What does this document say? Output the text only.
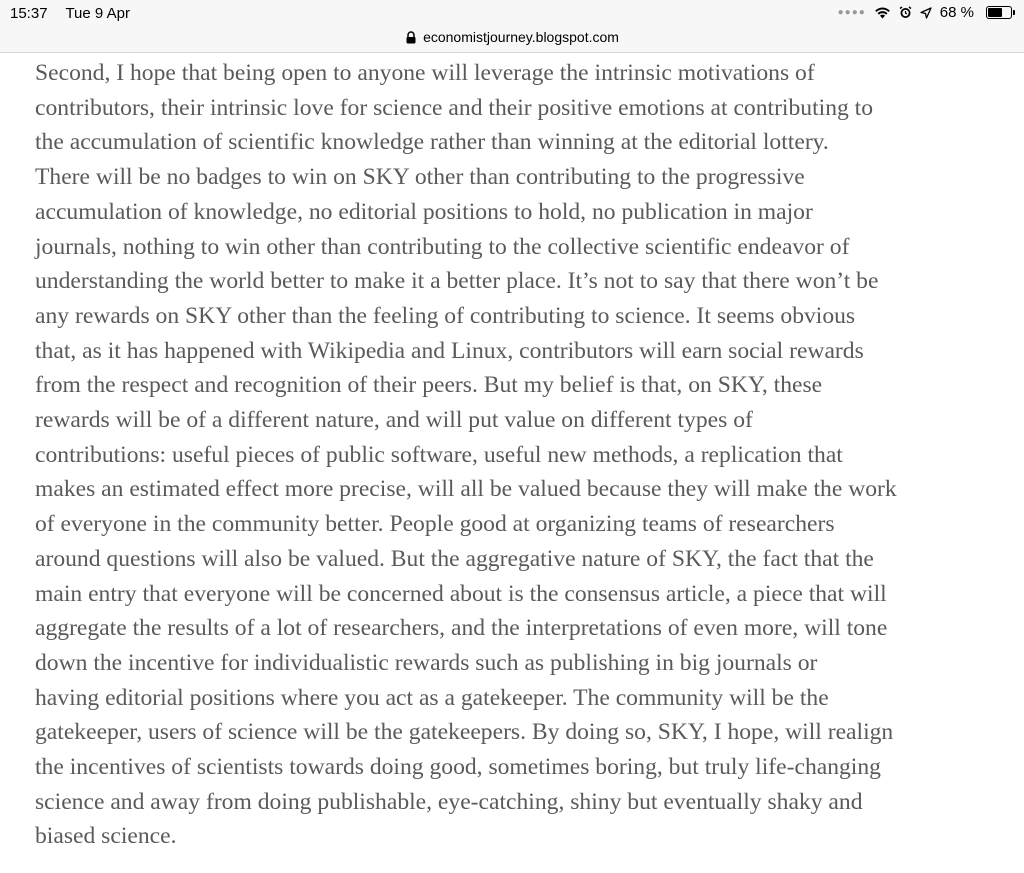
15:37 Tue 9 Apr	●●●●	68 %
economistjourney.blogspot.com
Second, I hope that being open to anyone will leverage the intrinsic motivations of
contributors, their intrinsic love for science and their positive emotions at contributing to
the accumulation of scientific knowledge rather than winning at the editorial lottery.
There will be no badges to win on SKY other than contributing to the progressive
accumulation of knowledge, no editorial positions to hold, no publication in major
journals, nothing to win other than contributing to the collective scientific endeavor of
understanding the world better to make it a better place. It’s not to say that there won’t be
any rewards on SKY other than the feeling of contributing to science. It seems obvious
that, as it has happened with Wikipedia and Linux, contributors will earn social rewards
from the respect and recognition of their peers. But my belief is that, on SKY, these
rewards will be of a different nature, and will put value on different types of
contributions: useful pieces of public software, useful new methods, a replication that
makes an estimated effect more precise, will all be valued because they will make the work
of everyone in the community better. People good at organizing teams of researchers
around questions will also be valued. But the aggregative nature of SKY, the fact that the
main entry that everyone will be concerned about is the consensus article, a piece that will
aggregate the results of a lot of researchers, and the interpretations of even more, will tone
down the incentive for individualistic rewards such as publishing in big journals or
having editorial positions where you act as a gatekeeper. The community will be the
gatekeeper, users of science will be the gatekeepers. By doing so, SKY, I hope, will realign
the incentives of scientists towards doing good, sometimes boring, but truly life-changing
science and away from doing publishable, eye-catching, shiny but eventually shaky and
biased science.
